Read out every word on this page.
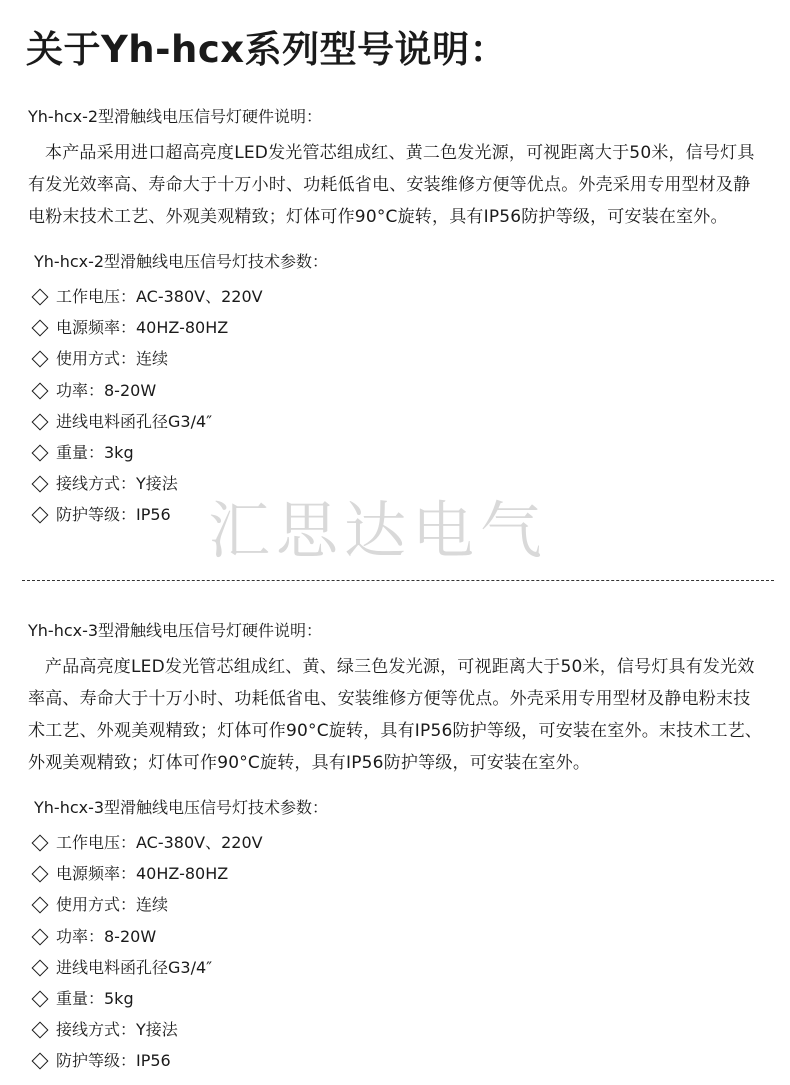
关于Yh-hcx系列型号说明：

Yh-hcx-2型滑触线电压信号灯硬件说明：

本产品采用进口超高亮度LED发光管芯组成红、黄二色发光源，可视距离大于50米，信号灯具有发光效率高、寿命大于十万小时、功耗低省电、安装维修方便等优点。外壳采用专用型材及静电粉末技术工艺、外观美观精致；灯体可作90°C旋转，具有IP56防护等级，可安装在室外。

Yh-hcx-2型滑触线电压信号灯技术参数：

工作电压：AC-380V、220V
电源频率：40HZ-80HZ
使用方式：连续
功率：8-20W
进线电料函孔径G3/4″
重量：3kg
接线方式：Y接法
防护等级：IP56 汇思达电气

Yh-hcx-3型滑触线电压信号灯硬件说明：

产品高亮度LED发光管芯组成红、黄、绿三色发光源，可视距离大于50米，信号灯具有发光效率高、寿命大于十万小时、功耗低省电、安装维修方便等优点。外壳采用专用型材及静电粉末技术工艺、外观美观精致；灯体可作90°C旋转，具有IP56防护等级，可安装在室外。末技术工艺、外观美观精致；灯体可作90°C旋转，具有IP56防护等级，可安装在室外。

Yh-hcx-3型滑触线电压信号灯技术参数：

工作电压：AC-380V、220V
电源频率：40HZ-80HZ
使用方式：连续
功率：8-20W
进线电料函孔径G3/4″
重量：5kg
接线方式：Y接法
防护等级：IP56
